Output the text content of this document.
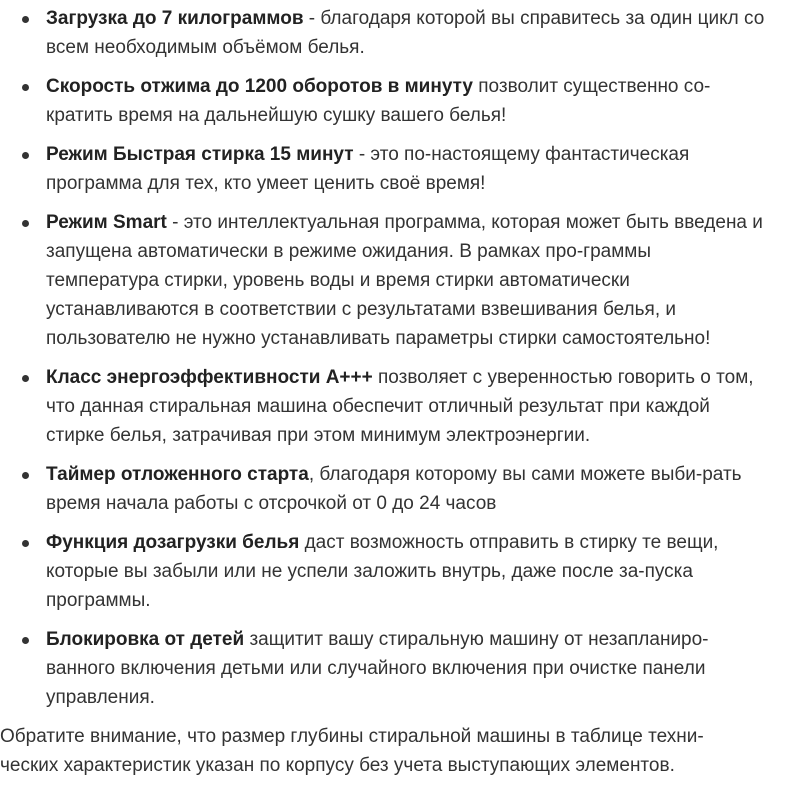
Загрузка до 7 килограммов - благодаря которой вы справитесь за один цикл со всем необходимым объёмом белья.
Скорость отжима до 1200 оборотов в минуту позволит существенно со-кратить время на дальнейшую сушку вашего белья!
Режим Быстрая стирка 15 минут - это по-настоящему фантастическая программа для тех, кто умеет ценить своё время!
Режим Smart - это интеллектуальная программа, которая может быть введена и запущена автоматически в режиме ожидания. В рамках про-граммы температура стирки, уровень воды и время стирки автоматически устанавливаются в соответствии с результатами взвешивания белья, и пользователю не нужно устанавливать параметры стирки самостоятельно!
Класс энергоэффективности А+++ позволяет с уверенностью говорить о том, что данная стиральная машина обеспечит отличный результат при каждой стирке белья, затрачивая при этом минимум электроэнергии.
Таймер отложенного старта, благодаря которому вы сами можете выби-рать время начала работы с отсрочкой от 0 до 24 часов
Функция дозагрузки белья даст возможность отправить в стирку те вещи, которые вы забыли или не успели заложить внутрь, даже после за-пуска программы.
Блокировка от детей защитит вашу стиральную машину от незапланиро-ванного включения детьми или случайного включения при очистке панели управления.

Обратите внимание, что размер глубины стиральной машины в таблице техни-ческих характеристик указан по корпусу без учета выступающих элементов.
